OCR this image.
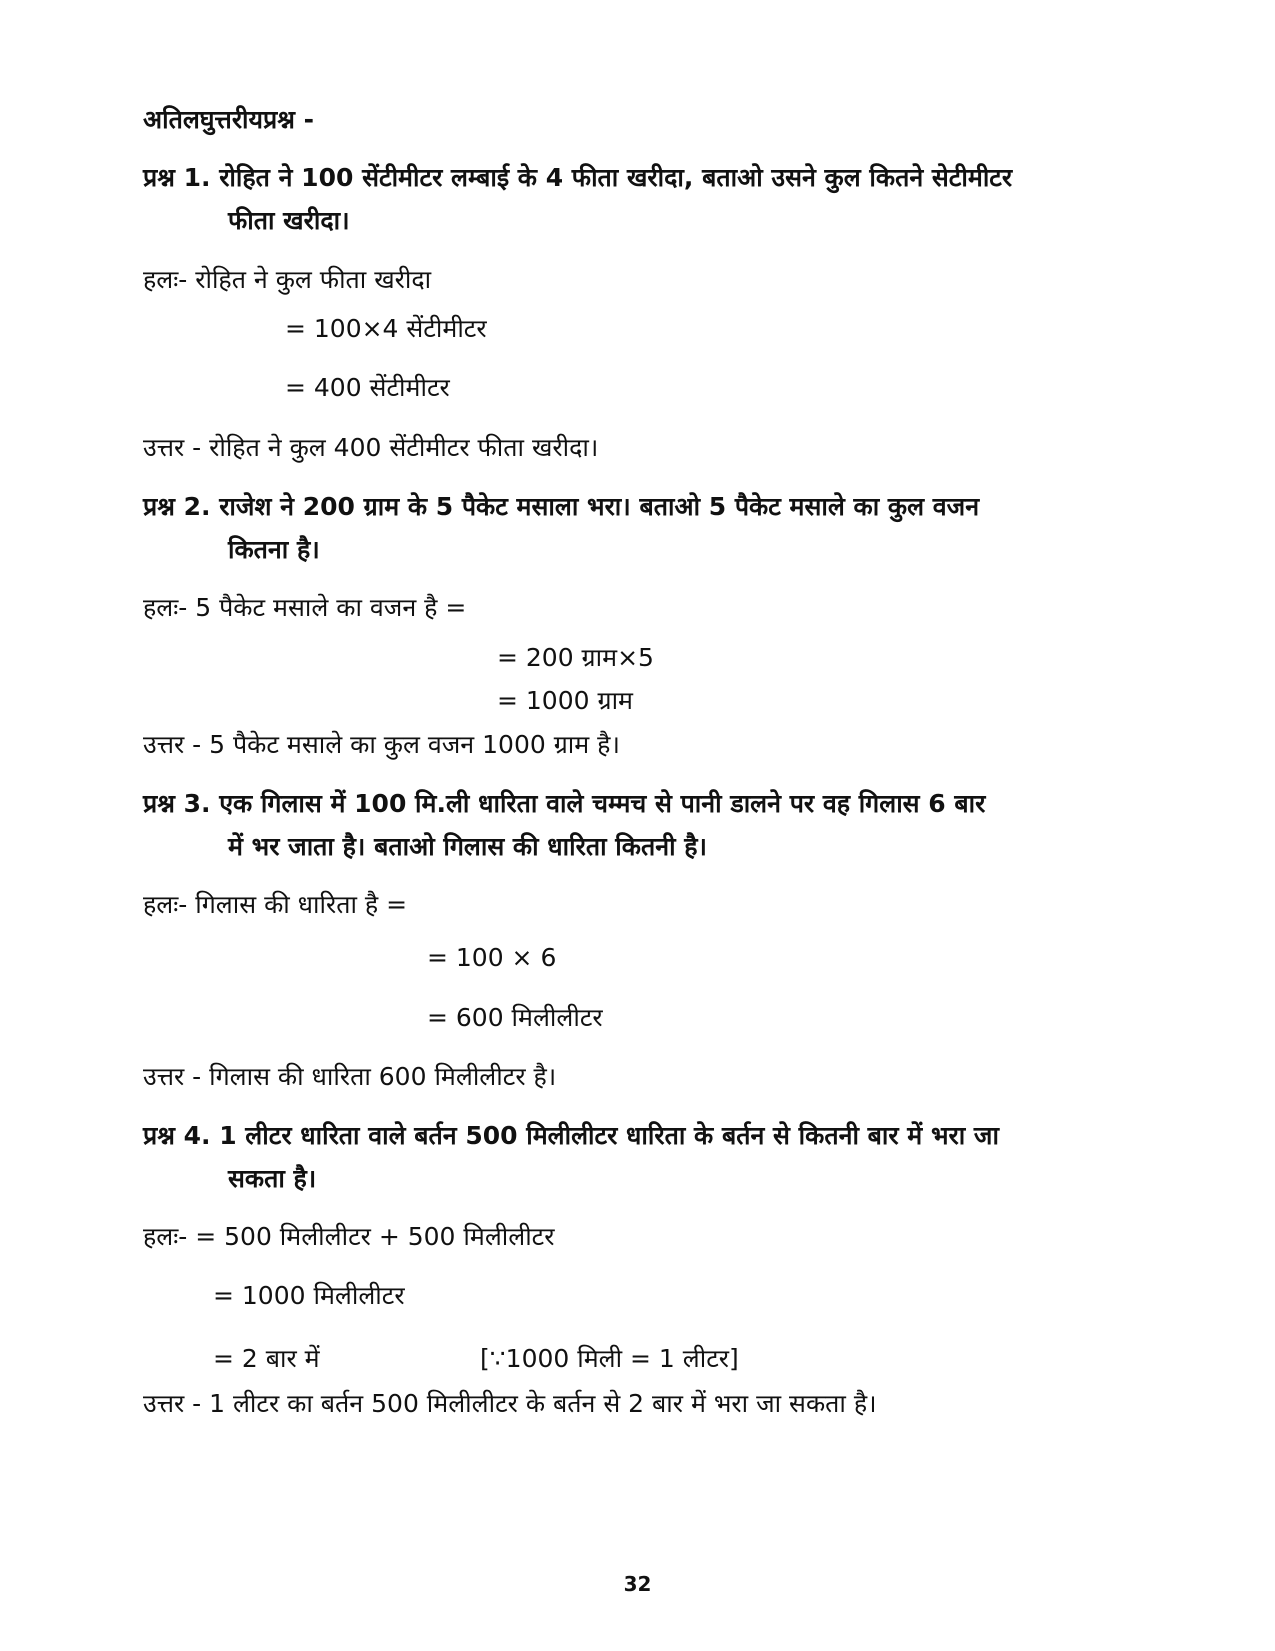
अतिलघुत्तरीयप्रश्न -
प्रश्न 1. रोहित ने 100 सेंटीमीटर लम्बाई के 4 फीता खरीदा, बताओ उसने कुल कितने सेटीमीटर
फीता खरीदा।
हलः- रोहित ने कुल फीता खरीदा
= 100×4 सेंटीमीटर
= 400 सेंटीमीटर
उत्तर - रोहित ने कुल 400 सेंटीमीटर फीता खरीदा।
प्रश्न 2. राजेश ने 200 ग्राम के 5 पैकेट मसाला भरा। बताओ 5 पैकेट मसाले का कुल वजन
कितना है।
हलः- 5 पैकेट मसाले का वजन है =
= 200 ग्राम×5
= 1000 ग्राम
उत्तर - 5 पैकेट मसाले का कुल वजन 1000 ग्राम है।
प्रश्न 3. एक गिलास में 100 मि.ली धारिता वाले चम्मच से पानी डालने पर वह गिलास 6 बार
में भर जाता है। बताओ गिलास की धारिता कितनी है।
हलः- गिलास की धारिता है =
= 100 × 6
= 600 मिलीलीटर
उत्तर - गिलास की धारिता 600 मिलीलीटर है।
प्रश्न 4. 1 लीटर धारिता वाले बर्तन 500 मिलीलीटर धारिता के बर्तन से कितनी बार में भरा जा
सकता है।
हलः- = 500 मिलीलीटर + 500 मिलीलीटर
= 1000 मिलीलीटर
= 2 बार में	[∵1000 मिली = 1 लीटर]
उत्तर - 1 लीटर का बर्तन 500 मिलीलीटर के बर्तन से 2 बार में भरा जा सकता है।
32
